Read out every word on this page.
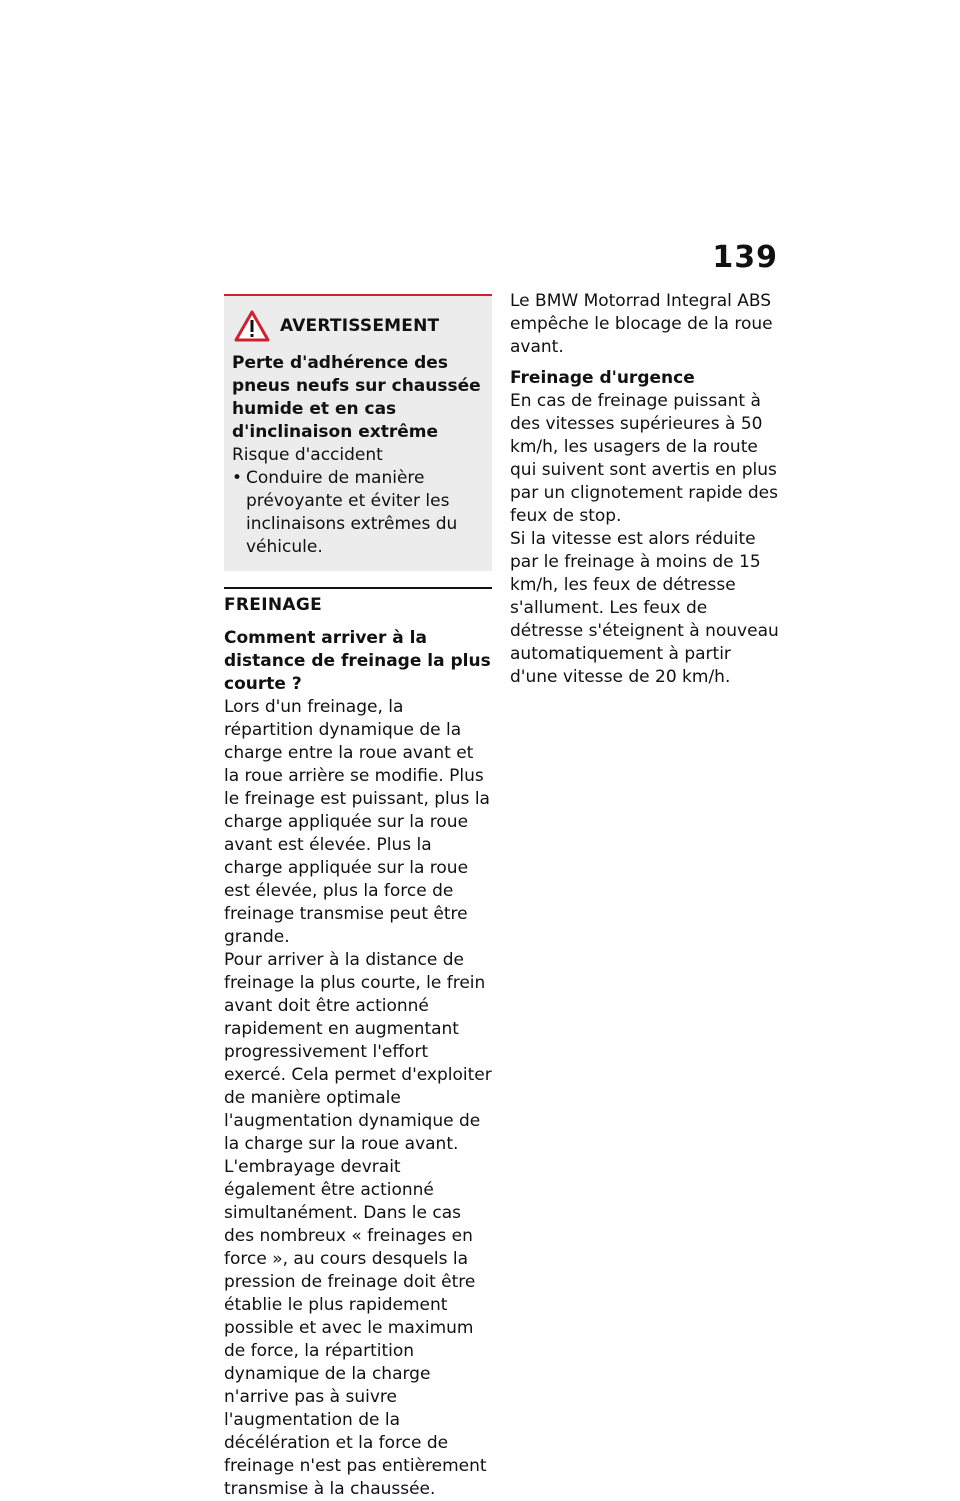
139
AVERTISSEMENT
Perte d'adhérence des pneus neufs sur chaussée humide et en cas d'inclinaison extrême
Risque d'accident
• Conduire de manière prévoyante et éviter les inclinaisons extrêmes du véhicule.
FREINAGE
Comment arriver à la distance de freinage la plus courte ?

Lors d'un freinage, la répartition dynamique de la charge entre la roue avant et la roue arrière se modifie. Plus le freinage est puissant, plus la charge appliquée sur la roue avant est élevée. Plus la charge appliquée sur la roue est élevée, plus la force de freinage transmise peut être grande.

Pour arriver à la distance de freinage la plus courte, le frein avant doit être actionné rapidement en augmentant progressivement l'effort exercé. Cela permet d'exploiter de manière optimale l'augmentation dynamique de la charge sur la roue avant. L'embrayage devrait également être actionné simultanément. Dans le cas des nombreux « freinages en force », au cours desquels la pression de freinage doit être établie le plus rapidement possible et avec le maximum de force, la répartition dynamique de la charge n'arrive pas à suivre l'augmentation de la décélération et la force de freinage n'est pas entièrement transmise à la chaussée.

Le BMW Motorrad Integral ABS empêche le blocage de la roue avant.

Freinage d'urgence

En cas de freinage puissant à des vitesses supérieures à 50 km/h, les usagers de la route qui suivent sont avertis en plus par un clignotement rapide des feux de stop.

Si la vitesse est alors réduite par le freinage à moins de 15 km/h, les feux de détresse s'allument. Les feux de détresse s'éteignent à nouveau automatiquement à partir d'une vitesse de 20 km/h.
